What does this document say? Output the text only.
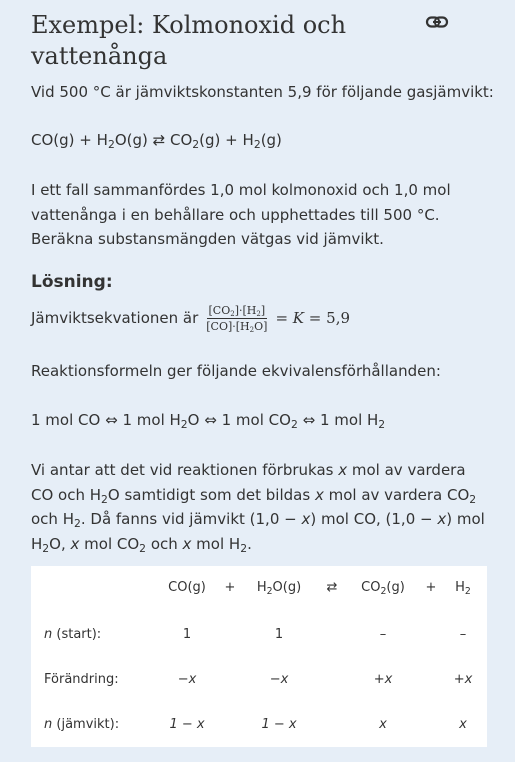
Exempel: Kolmonoxid och vattenånga

Vid 500 °C är jämviktskonstanten 5,9 för följande gasjämvikt:

$CO(g) + H_2O(g)$ ⇄ $CO_2(g) + H_2(g)$

I ett fall sammanfördes 1,0 mol kolmonoxid och 1,0 mol vattenånga i en behållare och upphettades till 500 °C. Beräkna substansmängden vätgas vid jämvikt.

Lösning:
Jämviktsekvationen är $\frac{[CO_2]\cdot[H_2]}{[CO]\cdot[H_2O]} = K = 5,9$

Reaktionsformeln ger följande ekvivalensförhållanden:

1 mol CO ⇔ 1 mol $H_2O$ ⇔ 1 mol $CO_2$ ⇔ 1 mol $H_2$

Vi antar att det vid reaktionen förbrukas x mol av vardera CO och $H_2O$ samtidigt som det bildas x mol av vardera $CO_2$ och $H_2$. Då fanns vid jämvikt (1,0 − x) mol CO, (1,0 − x) mol $H_2O$, x mol $CO_2$ och x mol $H_2$.

$CO(g) + H_2O(g)$ ⇄ $CO_2(g) + H_2$
n (start):	1	1	–	–
Förändring:	−x	−x	+x	+x
n (jämvikt):	1 − x	1 − x	x	x
